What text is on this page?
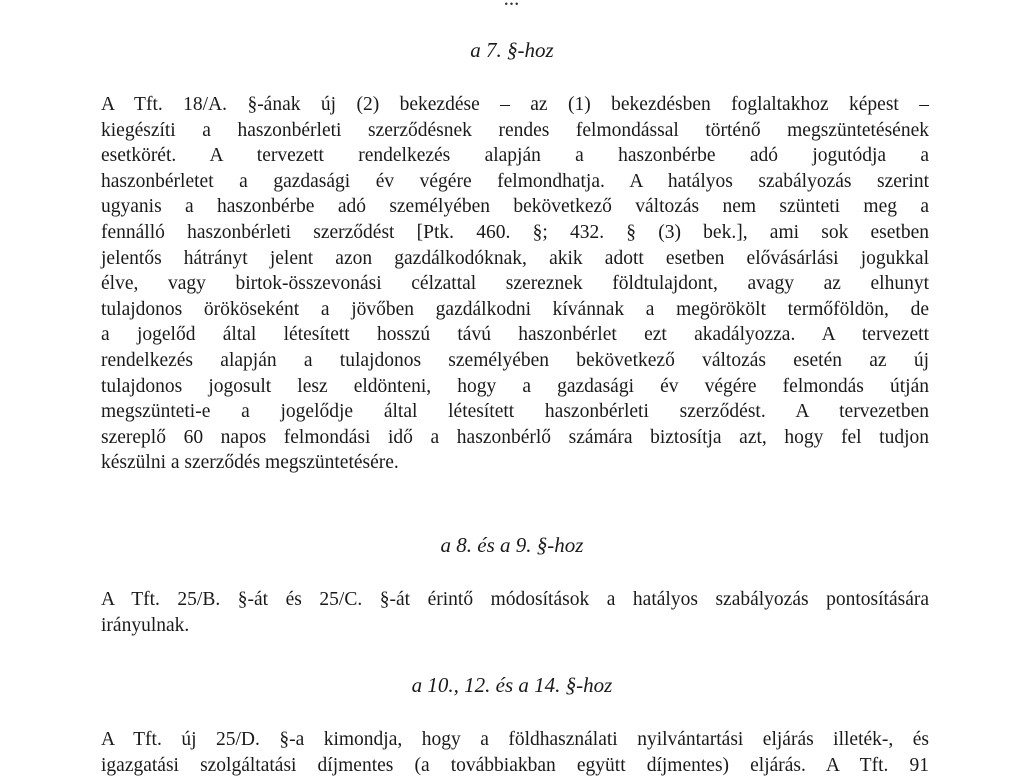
a 7. §-hoz
A Tft. 18/A. §-ának új (2) bekezdése – az (1) bekezdésben foglaltakhoz képest –
kiegészíti a haszonbérleti szerződésnek rendes felmondással történő megszüntetésének
esetkörét. A tervezett rendelkezés alapján a haszonbérbe adó jogutódja a
haszonbérletet a gazdasági év végére felmondhatja. A hatályos szabályozás szerint
ugyanis a haszonbérbe adó személyében bekövetkező változás nem szünteti meg a
fennálló haszonbérleti szerződést [Ptk. 460. §; 432. § (3) bek.], ami sok esetben
jelentős hátrányt jelent azon gazdálkodóknak, akik adott esetben elővásárlási jogukkal
élve, vagy birtok-összevonási célzattal szereznek földtulajdont, avagy az elhunyt
tulajdonos örököseként a jövőben gazdálkodni kívánnak a megörökölt termőföldön, de
a jogelőd által létesített hosszú távú haszonbérlet ezt akadályozza. A tervezett
rendelkezés alapján a tulajdonos személyében bekövetkező változás esetén az új
tulajdonos jogosult lesz eldönteni, hogy a gazdasági év végére felmondás útján
megszünteti-e a jogelődje által létesített haszonbérleti szerződést. A tervezetben
szereplő 60 napos felmondási idő a haszonbérlő számára biztosítja azt, hogy fel tudjon
készülni a szerződés megszüntetésére.
a 8. és a 9. §-hoz
A Tft. 25/B. §-át és 25/C. §-át érintő módosítások a hatályos szabályozás pontosítására
irányulnak.
a 10., 12. és a 14. §-hoz
A Tft. új 25/D. §-a kimondja, hogy a földhasználati nyilvántartási eljárás illeték-, és
igazgatási szolgáltatási díjmentes (a továbbiakban együtt díjmentes) eljárás. A Tft. 91
